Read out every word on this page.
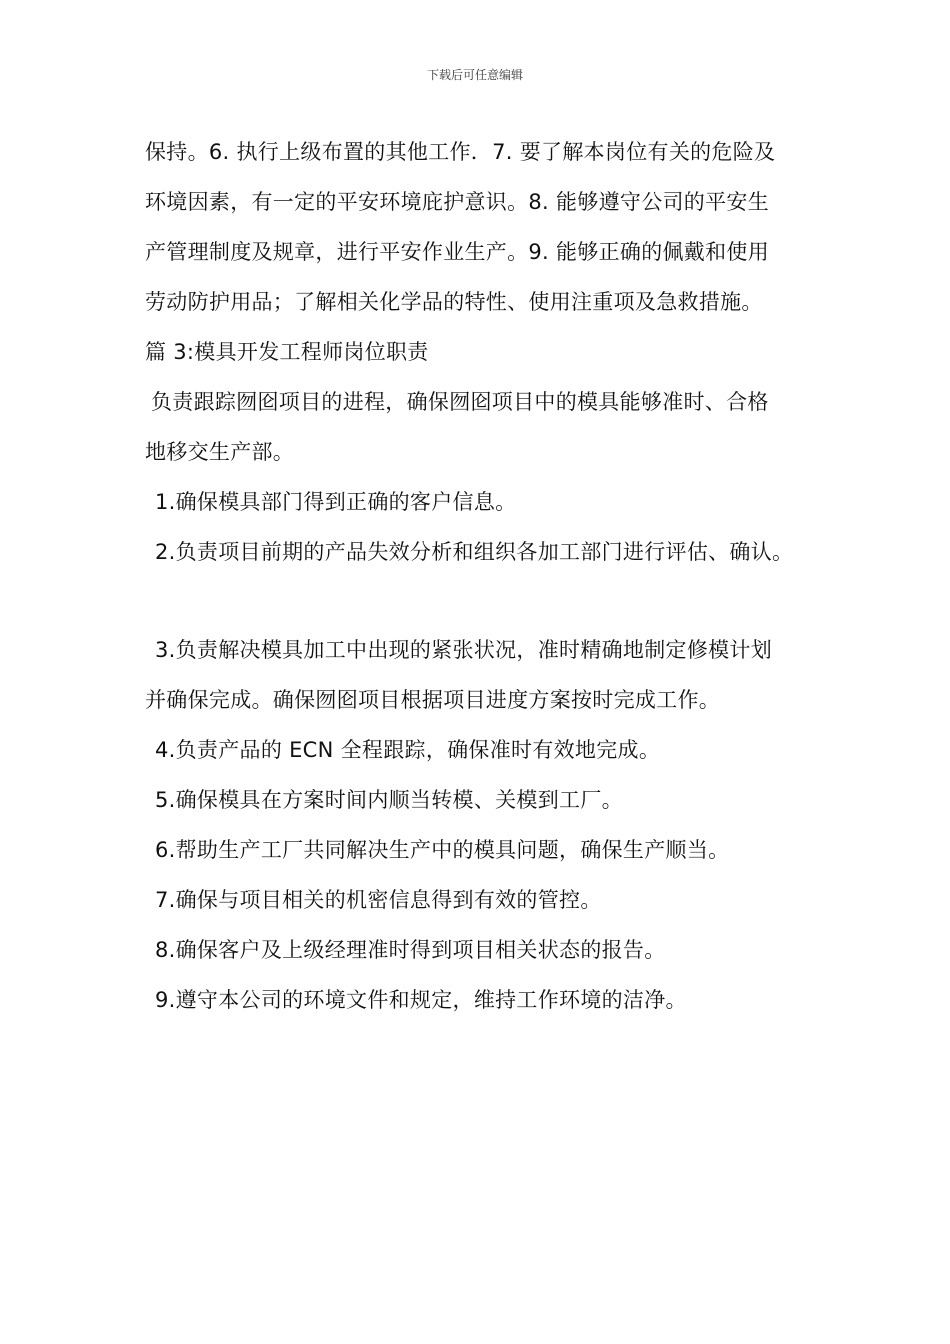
下载后可任意编辑
保持。6. 执行上级布置的其他工作．7. 要了解本岗位有关的危险及
环境因素，有一定的平安环境庇护意识。8. 能够遵守公司的平安生
产管理制度及规章，进行平安作业生产。9. 能够正确的佩戴和使用
劳动防护用品；了解相关化学品的特性、使用注重项及急救措施。
篇 3:模具开发工程师岗位职责
负责跟踪囫囵项目的进程，确保囫囵项目中的模具能够准时、合格
地移交生产部。
1.确保模具部门得到正确的客户信息。
2.负责项目前期的产品失效分析和组织各加工部门进行评估、确认。
3.负责解决模具加工中出现的紧张状况，准时精确地制定修模计划
并确保完成。确保囫囵项目根据项目进度方案按时完成工作。
4.负责产品的 ECN 全程跟踪，确保准时有效地完成。
5.确保模具在方案时间内顺当转模、关模到工厂。
6.帮助生产工厂共同解决生产中的模具问题，确保生产顺当。
7.确保与项目相关的机密信息得到有效的管控。
8.确保客户及上级经理准时得到项目相关状态的报告。
9.遵守本公司的环境文件和规定，维持工作环境的洁净。
